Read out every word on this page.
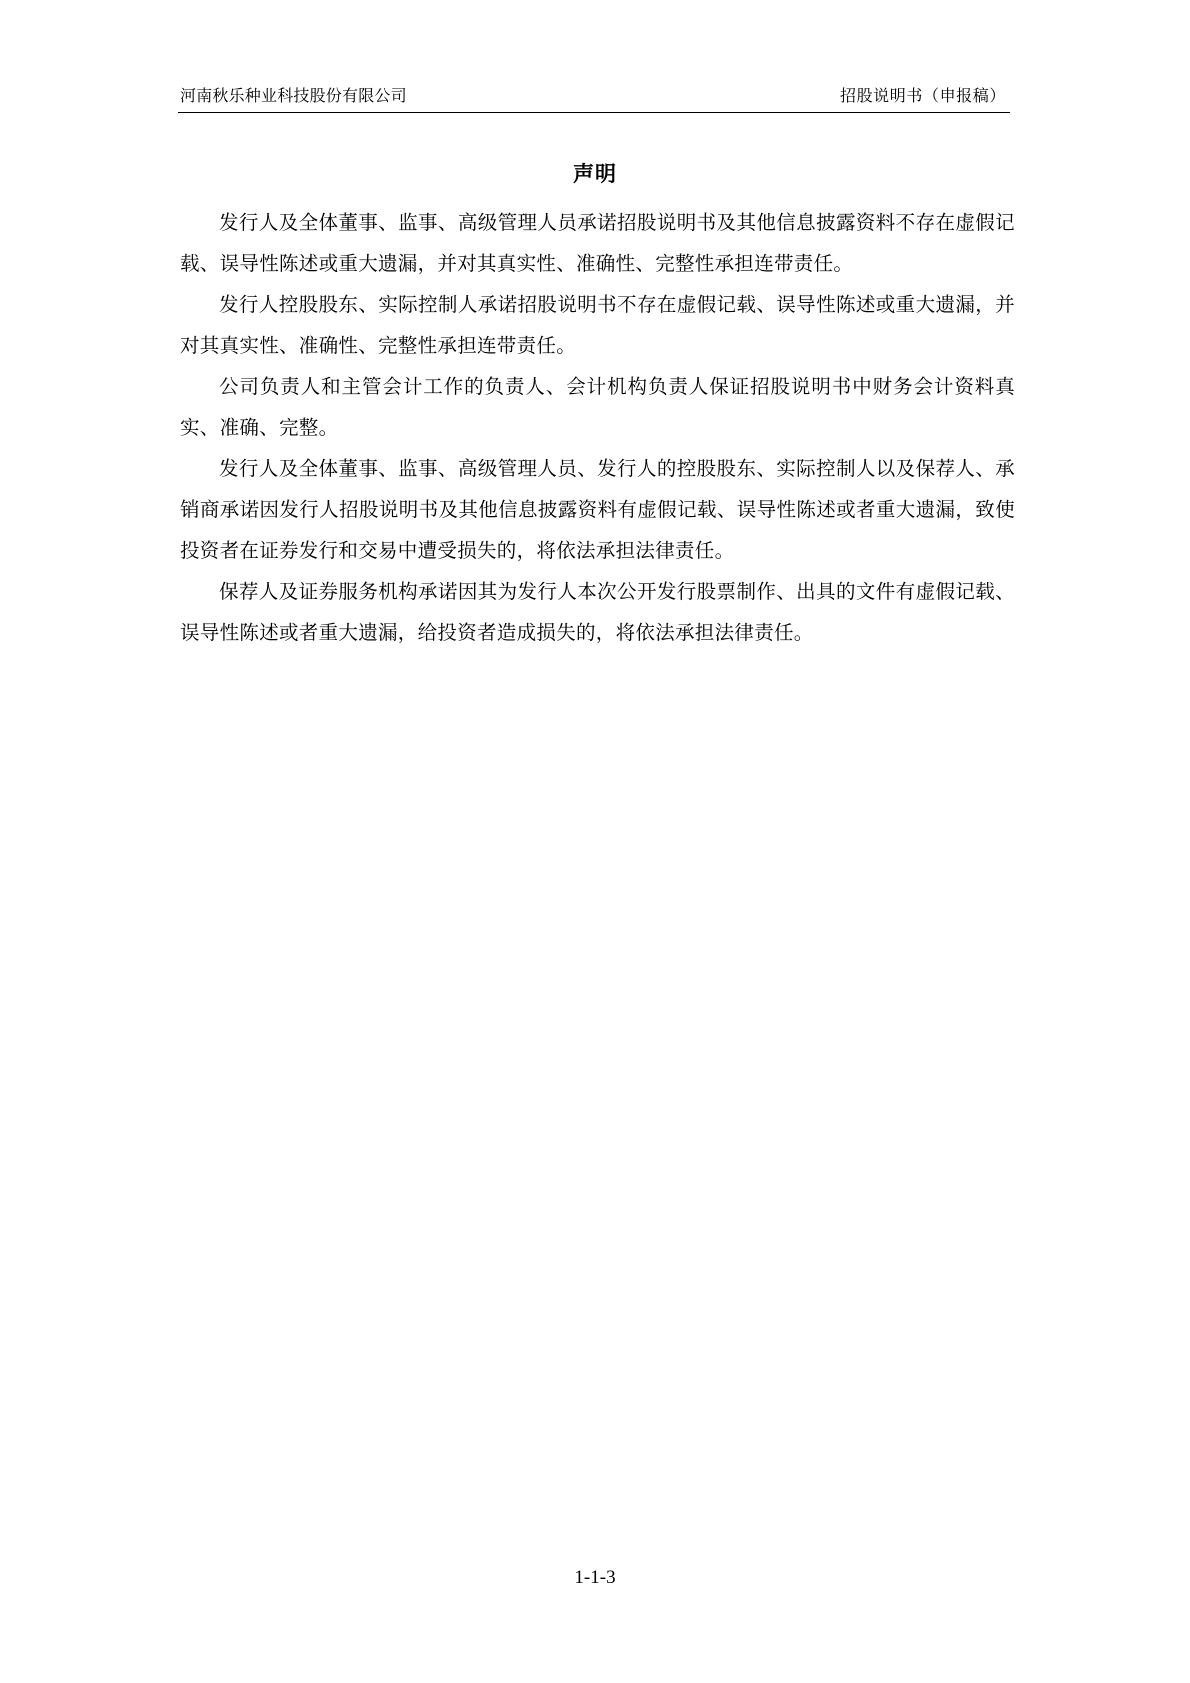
河南秋乐种业科技股份有限公司	招股说明书（申报稿）
声明

发行人及全体董事、监事、高级管理人员承诺招股说明书及其他信息披露资料不存在虚假记载、误导性陈述或重大遗漏，并对其真实性、准确性、完整性承担连带责任。

发行人控股股东、实际控制人承诺招股说明书不存在虚假记载、误导性陈述或重大遗漏，并对其真实性、准确性、完整性承担连带责任。

公司负责人和主管会计工作的负责人、会计机构负责人保证招股说明书中财务会计资料真实、准确、完整。

发行人及全体董事、监事、高级管理人员、发行人的控股股东、实际控制人以及保荐人、承销商承诺因发行人招股说明书及其他信息披露资料有虚假记载、误导性陈述或者重大遗漏，致使投资者在证券发行和交易中遭受损失的，将依法承担法律责任。

保荐人及证券服务机构承诺因其为发行人本次公开发行股票制作、出具的文件有虚假记载、误导性陈述或者重大遗漏，给投资者造成损失的，将依法承担法律责任。

1-1-3
